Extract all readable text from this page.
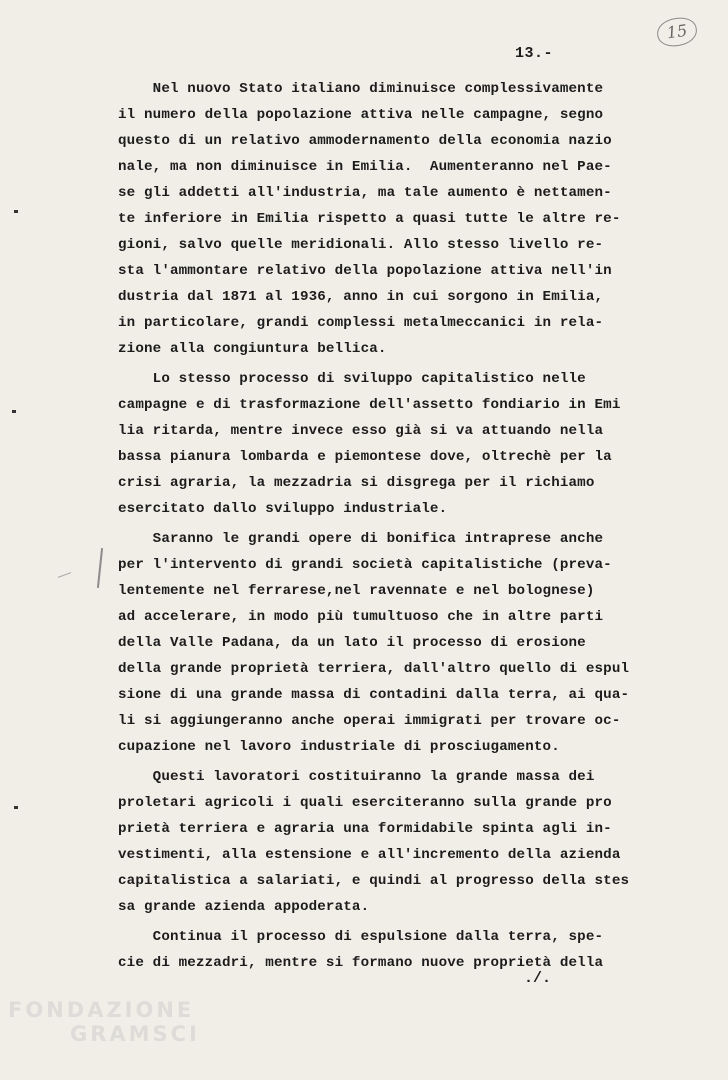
15
13.-
Nel nuovo Stato italiano diminuisce complessivamente
il numero della popolazione attiva nelle campagne, segno
questo di un relativo ammodernamento della economia nazio
nale, ma non diminuisce in Emilia.  Aumenteranno nel Pae-
se gli addetti all'industria, ma tale aumento è nettamen-
te inferiore in Emilia rispetto a quasi tutte le altre re-
gioni, salvo quelle meridionali. Allo stesso livello re-
sta l'ammontare relativo della popolazione attiva nell'in
dustria dal 1871 al 1936, anno in cui sorgono in Emilia,
in particolare, grandi complessi metalmeccanici in rela-
zione alla congiuntura bellica.
Lo stesso processo di sviluppo capitalistico nelle
campagne e di trasformazione dell'assetto fondiario in Emi
lia ritarda, mentre invece esso già si va attuando nella
bassa pianura lombarda e piemontese dove, oltrechè per la
crisi agraria, la mezzadria si disgrega per il richiamo
esercitato dallo sviluppo industriale.
Saranno le grandi opere di bonifica intraprese anche
per l'intervento di grandi società capitalistiche (preva-
lentemente nel ferrarese,nel ravennate e nel bolognese)
ad accelerare, in modo più tumultuoso che in altre parti
della Valle Padana, da un lato il processo di erosione
della grande proprietà terriera, dall'altro quello di espul
sione di una grande massa di contadini dalla terra, ai qua-
li si aggiungeranno anche operai immigrati per trovare oc-
cupazione nel lavoro industriale di prosciugamento.
Questi lavoratori costituiranno la grande massa dei
proletari agricoli i quali eserciteranno sulla grande pro
prietà terriera e agraria una formidabile spinta agli in-
vestimenti, alla estensione e all'incremento della azienda
capitalistica a salariati, e quindi al progresso della stes
sa grande azienda appoderata.
Continua il processo di espulsione dalla terra, spe-
cie di mezzadri, mentre si formano nuove proprietà della
./.
FONDAZIONE
GRAMSCI
